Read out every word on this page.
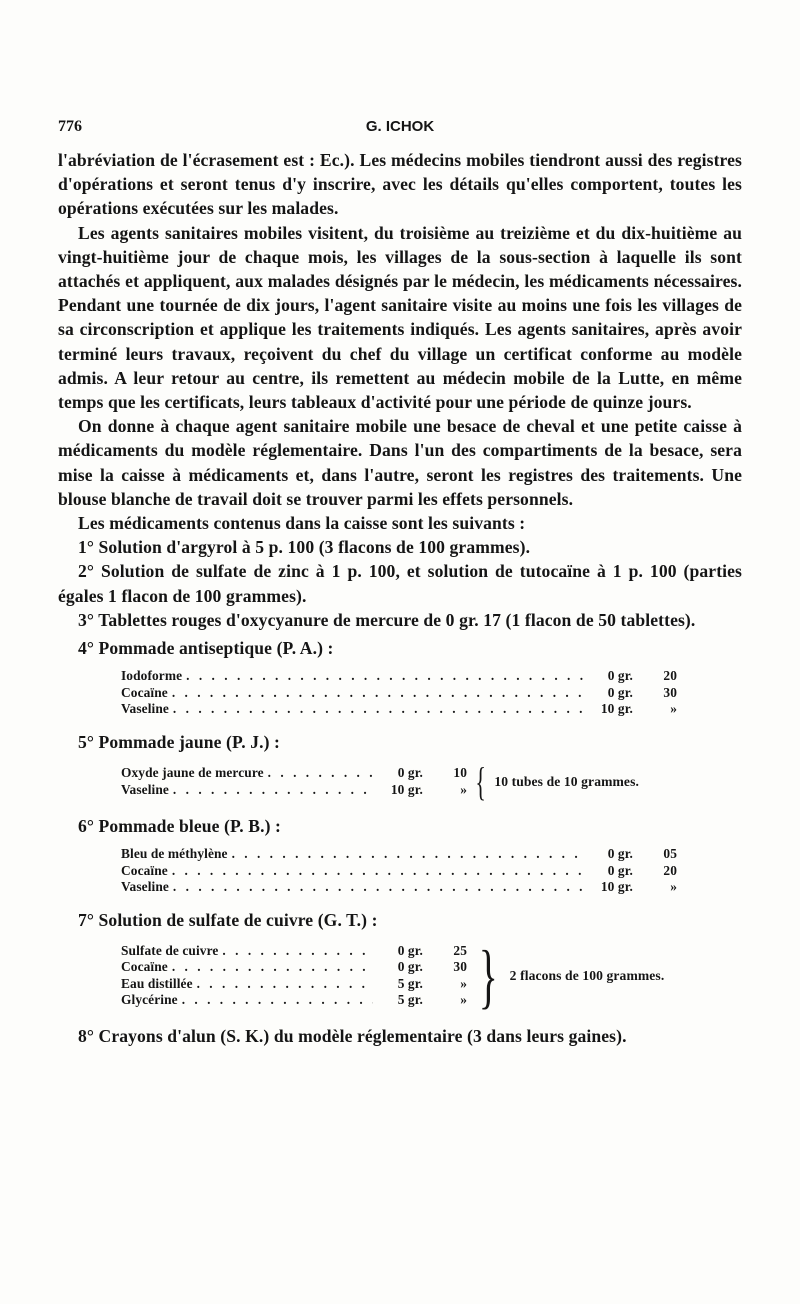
776	G. ICHOK

l'abréviation de l'écrasement est : Ec.). Les médecins mobiles tiendront aussi des registres d'opérations et seront tenus d'y inscrire, avec les détails qu'elles comportent, toutes les opérations exécutées sur les malades.

Les agents sanitaires mobiles visitent, du troisième au treizième et du dix-huitième au vingt-huitième jour de chaque mois, les villages de la sous-section à laquelle ils sont attachés et appliquent, aux malades désignés par le médecin, les médicaments nécessaires. Pendant une tournée de dix jours, l'agent sanitaire visite au moins une fois les villages de sa circonscription et applique les traitements indiqués. Les agents sanitaires, après avoir terminé leurs travaux, reçoivent du chef du village un certificat conforme au modèle admis. A leur retour au centre, ils remettent au médecin mobile de la Lutte, en même temps que les certificats, leurs tableaux d'activité pour une période de quinze jours.

On donne à chaque agent sanitaire mobile une besace de cheval et une petite caisse à médicaments du modèle réglementaire. Dans l'un des compartiments de la besace, sera mise la caisse à médicaments et, dans l'autre, seront les registres des traitements. Une blouse blanche de travail doit se trouver parmi les effets personnels.

Les médicaments contenus dans la caisse sont les suivants :

1° Solution d'argyrol à 5 p. 100 (3 flacons de 100 grammes).

2° Solution de sulfate de zinc à 1 p. 100, et solution de tutocaïne à 1 p. 100 (parties égales 1 flacon de 100 grammes).

3° Tablettes rouges d'oxycyanure de mercure de 0 gr. 17 (1 flacon de 50 tablettes).

4° Pommade antiseptique (P. A.) :

Iodoforme . . .	0 gr.	20
Cocaïne . . .	0 gr.	30
Vaseline . . .	10 gr.	»

5° Pommade jaune (P. J.) :

Oxyde jaune de mercure . . .	0 gr.	10
Vaseline . . .	10 gr.	» { 10 tubes de 10 grammes.

6° Pommade bleue (P. B.) :

Bleu de méthylène . . .	0 gr.	05
Cocaïne . . .	0 gr.	20
Vaseline . . .	10 gr.	»

7° Solution de sulfate de cuivre (G. T.) :

Sulfate de cuivre . . .	0 gr.	25
Cocaïne . . .	0 gr.	30
Eau distillée . . .	5 gr.	»
Glycérine . . .	5 gr.	» } 2 flacons de 100 grammes.

8° Crayons d'alun (S. K.) du modèle réglementaire (3 dans leurs gaines).
